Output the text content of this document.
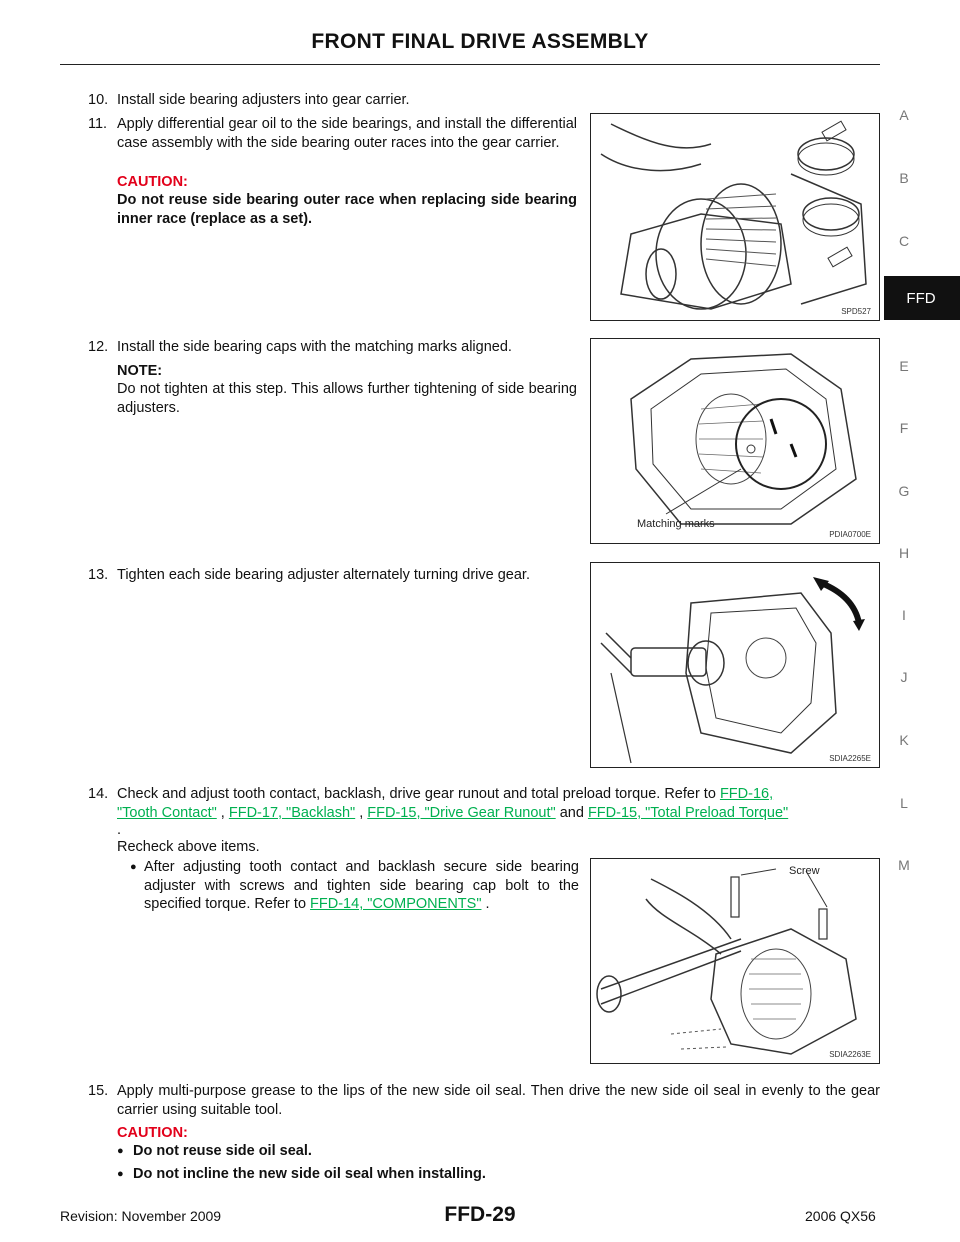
FRONT FINAL DRIVE ASSEMBLY
A
B
C
FFD
E
F
G
H
I
J
K
L
M
10. Install side bearing adjusters into gear carrier.
11. Apply differential gear oil to the side bearings, and install the differential case assembly with the side bearing outer races into the gear carrier.
CAUTION:
Do not reuse side bearing outer race when replacing side bearing inner race (replace as a set).
SPD527
12. Install the side bearing caps with the matching marks aligned.
NOTE:
Do not tighten at this step. This allows further tightening of side bearing adjusters.
Matching marks
PDIA0700E
13. Tighten each side bearing adjuster alternately turning drive gear.
SDIA2265E
14. Check and adjust tooth contact, backlash, drive gear runout and total preload torque. Refer to FFD-16,
"Tooth Contact" , FFD-17, "Backlash" , FFD-15, "Drive Gear Runout" and FFD-15, "Total Preload Torque"
.
Recheck above items.
● After adjusting tooth contact and backlash secure side bearing adjuster with screws and tighten side bearing cap bolt to the specified torque. Refer to FFD-14, "COMPONENTS" .
Screw
SDIA2263E
15. Apply multi-purpose grease to the lips of the new side oil seal. Then drive the new side oil seal in evenly to the gear carrier using suitable tool.
CAUTION:
● Do not reuse side oil seal.
● Do not incline the new side oil seal when installing.
Revision: November 2009	FFD-29	2006 QX56
